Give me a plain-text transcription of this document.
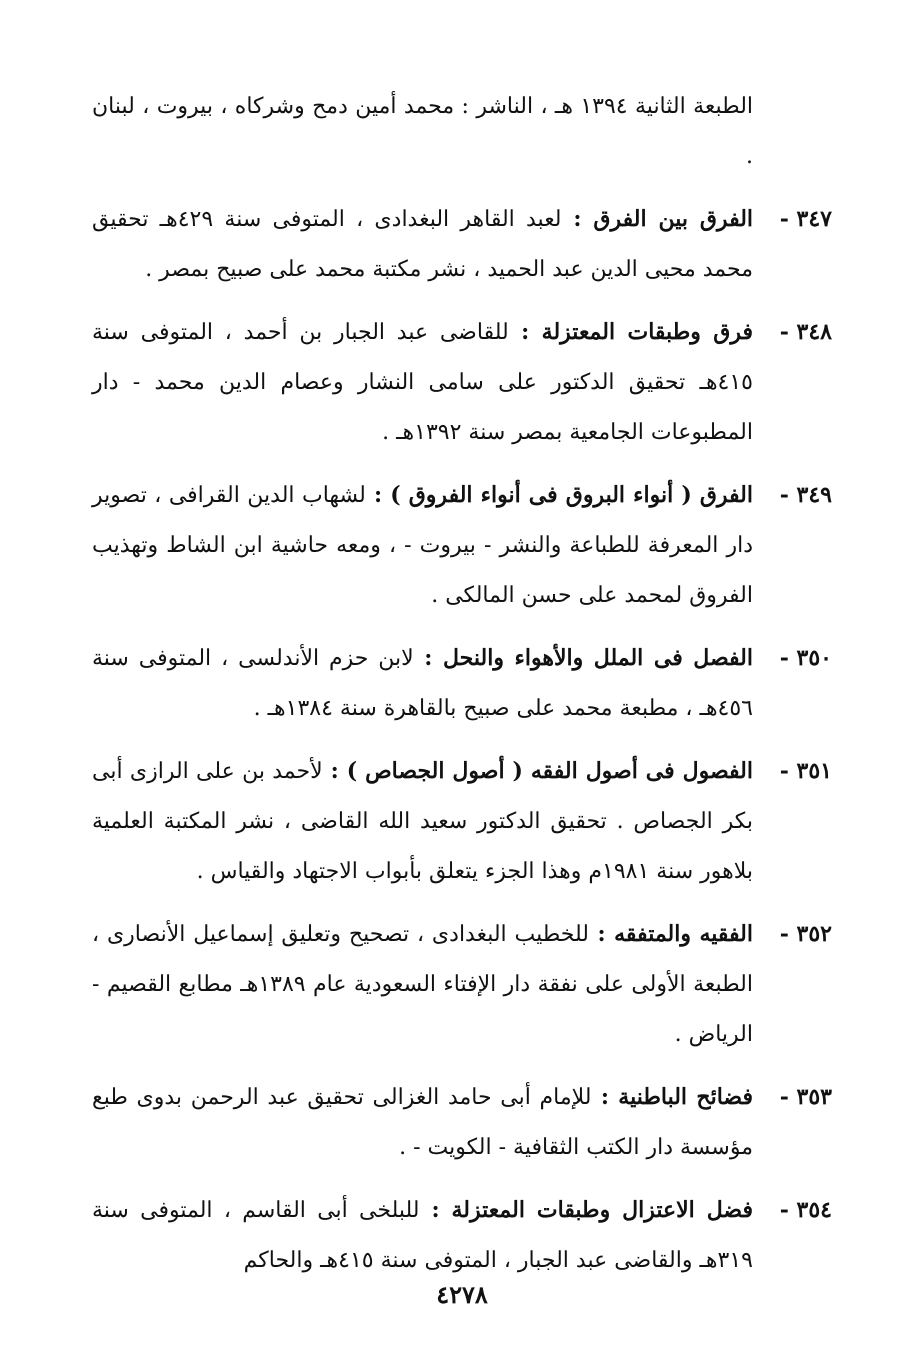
الطبعة الثانية ١٣٩٤ هـ ، الناشر : محمد أمين دمح وشركاه ، بيروت ، لبنان .
٣٤٧ -
الفرق بين الفرق : لعبد القاهر البغدادى ، المتوفى سنة ٤٢٩هـ تحقيق محمد محيى الدين عبد الحميد ، نشر مكتبة محمد على صبيح بمصر .
٣٤٨ -
فرق وطبقات المعتزلة : للقاضى عبد الجبار بن أحمد ، المتوفى سنة ٤١٥هـ تحقيق الدكتور على سامى النشار وعصام الدين محمد - دار المطبوعات الجامعية بمصر سنة ١٣٩٢هـ .
٣٤٩ -
الفرق ( أنواء البروق فى أنواء الفروق ) : لشهاب الدين القرافى ، تصوير دار المعرفة للطباعة والنشر - بيروت - ، ومعه حاشية ابن الشاط وتهذيب الفروق لمحمد على حسن المالكى .
٣٥٠ -
الفصل فى الملل والأهواء والنحل : لابن حزم الأندلسى ، المتوفى سنة ٤٥٦هـ ، مطبعة محمد على صبيح بالقاهرة سنة ١٣٨٤هـ .
٣٥١ -
الفصول فى أصول الفقه ( أصول الجصاص ) : لأحمد بن على الرازى أبى بكر الجصاص . تحقيق الدكتور سعيد الله القاضى ، نشر المكتبة العلمية بلاهور سنة ١٩٨١م وهذا الجزء يتعلق بأبواب الاجتهاد والقياس .
٣٥٢ -
الفقيه والمتفقه : للخطيب البغدادى ، تصحيح وتعليق إسماعيل الأنصارى ، الطبعة الأولى على نفقة دار الإفتاء السعودية عام ١٣٨٩هـ مطابع القصيم - الرياض .
٣٥٣ -
فضائح الباطنية : للإمام أبى حامد الغزالى تحقيق عبد الرحمن بدوى طبع مؤسسة دار الكتب الثقافية - الكويت - .
٣٥٤ -
فضل الاعتزال وطبقات المعتزلة : للبلخى أبى القاسم ، المتوفى سنة ٣١٩هـ والقاضى عبد الجبار ، المتوفى سنة ٤١٥هـ والحاكم
٤٢٧٨
